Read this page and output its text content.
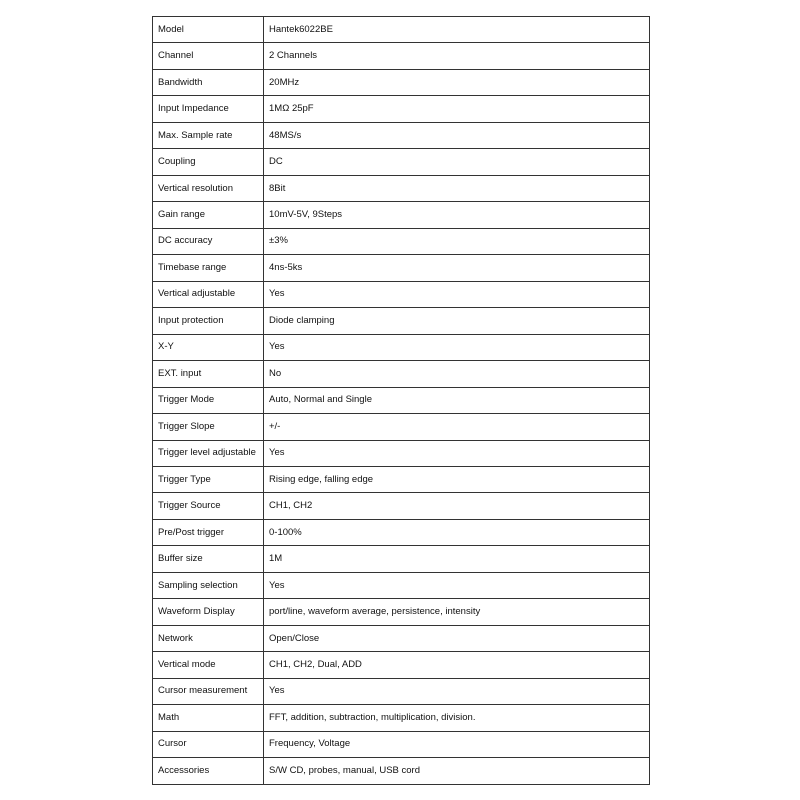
Model	Hantek6022BE
Channel	2 Channels
Bandwidth	20MHz
Input Impedance	1MΩ 25pF
Max. Sample rate	48MS/s
Coupling	DC
Vertical resolution	8Bit
Gain range	10mV-5V, 9Steps
DC accuracy	±3%
Timebase range	4ns-5ks
Vertical adjustable	Yes
Input protection	Diode clamping
X-Y	Yes
EXT. input	No
Trigger Mode	Auto, Normal and Single
Trigger Slope	+/-
Trigger level adjustable	Yes
Trigger Type	Rising edge, falling edge
Trigger Source	CH1, CH2
Pre/Post trigger	0-100%
Buffer size	1M
Sampling selection	Yes
Waveform Display	port/line, waveform average, persistence, intensity
Network	Open/Close
Vertical mode	CH1, CH2, Dual, ADD
Cursor measurement	Yes
Math	FFT, addition, subtraction, multiplication, division.
Cursor	Frequency, Voltage
Accessories	S/W CD, probes, manual, USB cord
